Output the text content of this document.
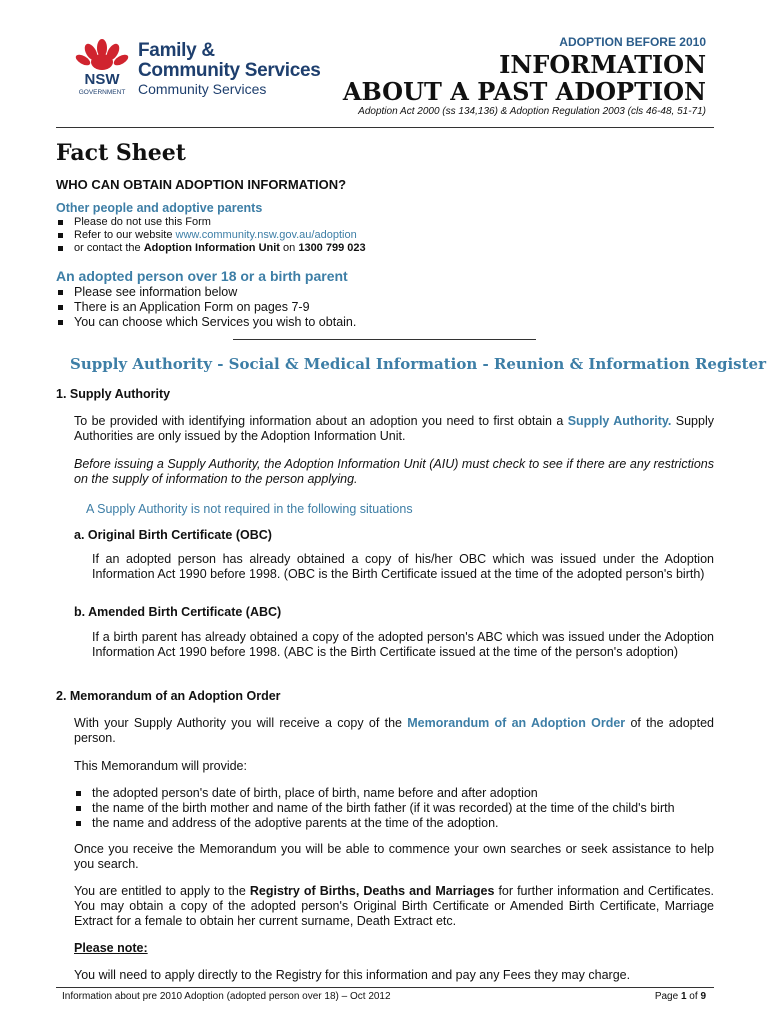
NSW
GOVERNMENT
Family &
Community Services
Community Services
ADOPTION BEFORE 2010
INFORMATION
ABOUT A PAST ADOPTION
Adoption Act 2000 (ss 134,136) & Adoption Regulation 2003 (cls 46-48, 51-71)
Fact Sheet
WHO CAN OBTAIN ADOPTION INFORMATION?
Other people and adoptive parents
Please do not use this Form
Refer to our website www.community.nsw.gov.au/adoption
or contact the Adoption Information Unit on 1300 799 023
An adopted person over 18 or a birth parent
Please see information below
There is an Application Form on pages 7-9
You can choose which Services you wish to obtain.
Supply Authority - Social & Medical Information - Reunion & Information Register
1. Supply Authority

To be provided with identifying information about an adoption you need to first obtain a Supply Authority. Supply Authorities are only issued by the Adoption Information Unit.

Before issuing a Supply Authority, the Adoption Information Unit (AIU) must check to see if there are any restrictions on the supply of information to the person applying.

A Supply Authority is not required in the following situations
a. Original Birth Certificate (OBC)

If an adopted person has already obtained a copy of his/her OBC which was issued under the Adoption Information Act 1990 before 1998. (OBC is the Birth Certificate issued at the time of the adopted person's birth)

b. Amended Birth Certificate (ABC)

If a birth parent has already obtained a copy of the adopted person's ABC which was issued under the Adoption Information Act 1990 before 1998. (ABC is the Birth Certificate issued at the time of the person's adoption)

2. Memorandum of an Adoption Order

With your Supply Authority you will receive a copy of the Memorandum of an Adoption Order of the adopted person.

This Memorandum will provide:

the adopted person's date of birth, place of birth, name before and after adoption
the name of the birth mother and name of the birth father (if it was recorded) at the time of the child's birth
the name and address of the adoptive parents at the time of the adoption.

Once you receive the Memorandum you will be able to commence your own searches or seek assistance to help you search.

You are entitled to apply to the Registry of Births, Deaths and Marriages for further information and Certificates. You may obtain a copy of the adopted person's Original Birth Certificate or Amended Birth Certificate, Marriage Extract for a female to obtain her current surname, Death Extract etc.

Please note:

You will need to apply directly to the Registry for this information and pay any Fees they may charge.

Information about pre 2010 Adoption (adopted person over 18) – Oct 2012	Page 1 of 9
